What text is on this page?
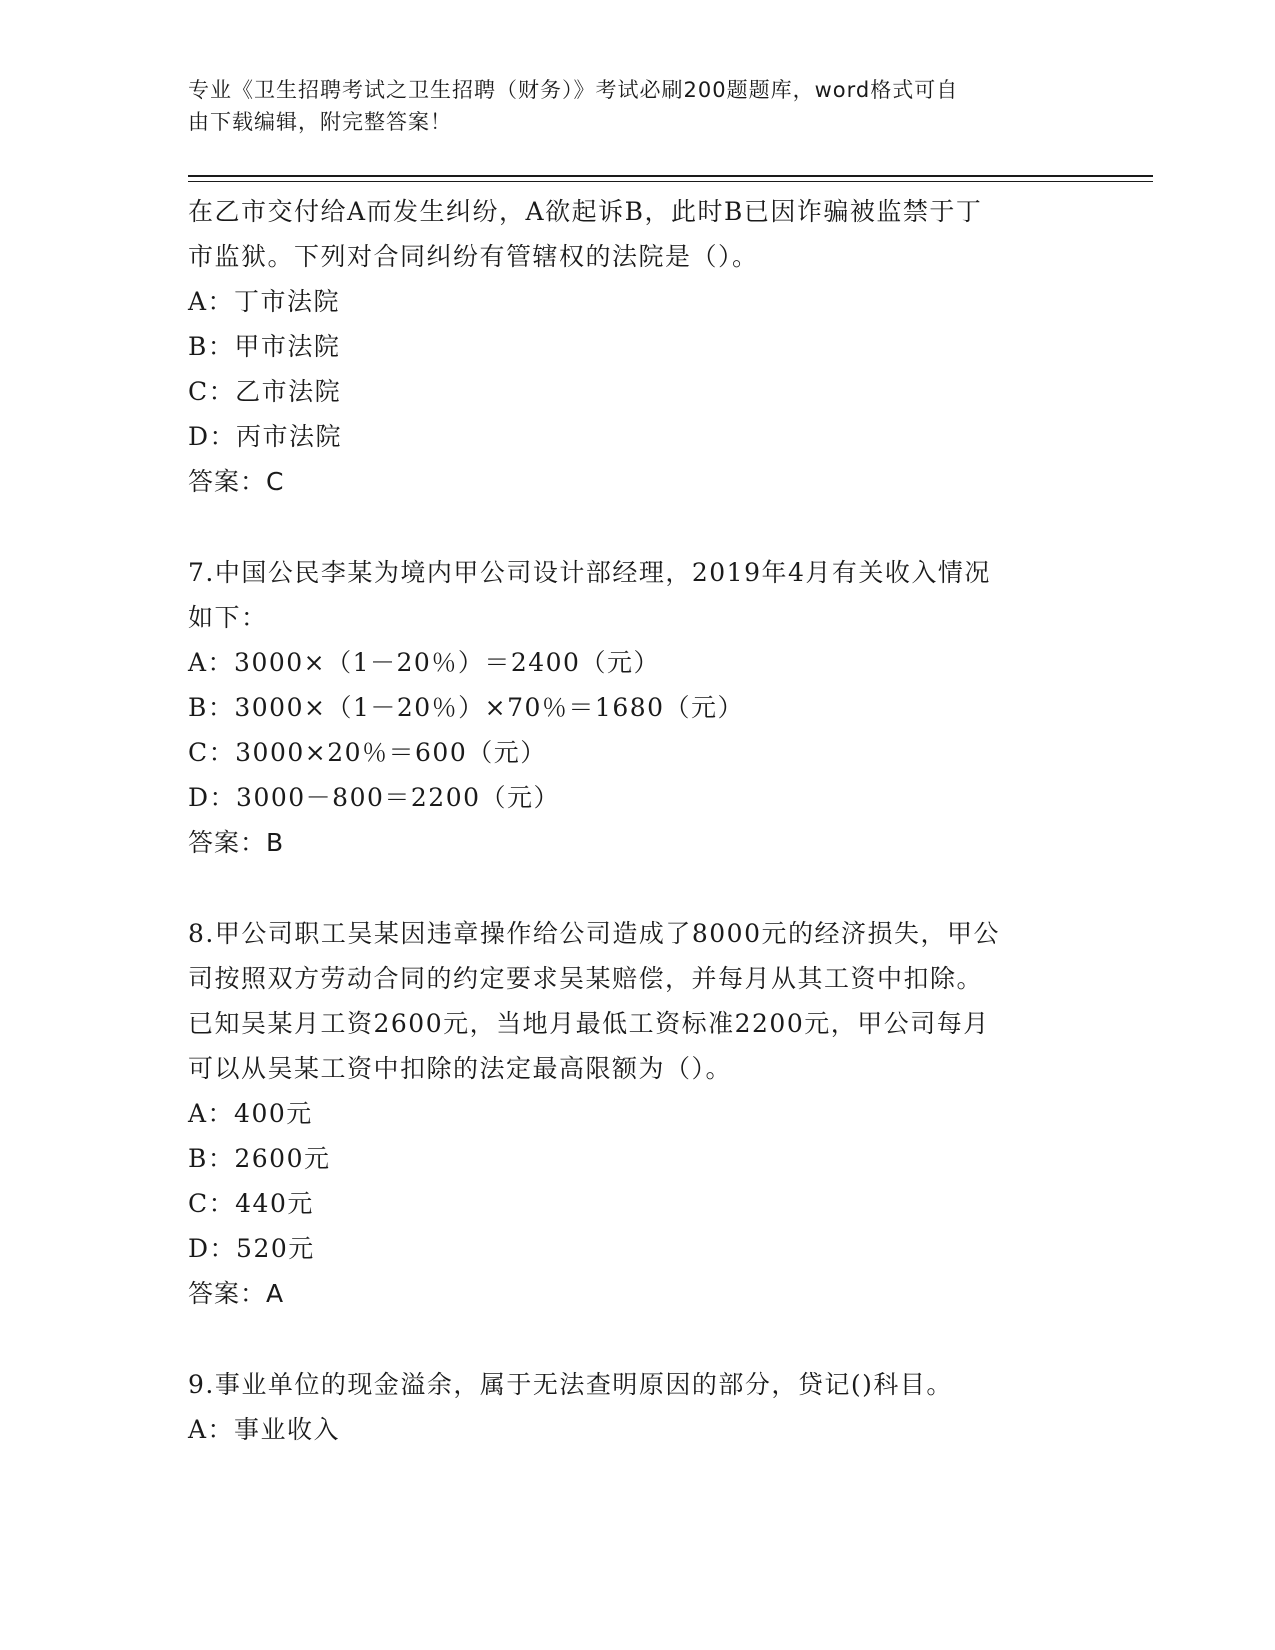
专业《卫生招聘考试之卫生招聘（财务）》考试必刷200题题库，word格式可自
由下载编辑，附完整答案！
在乙市交付给A而发生纠纷，A欲起诉B，此时B已因诈骗被监禁于丁
市监狱。下列对合同纠纷有管辖权的法院是（）。
A：丁市法院
B：甲市法院
C：乙市法院
D：丙市法院
答案：C
7.中国公民李某为境内甲公司设计部经理，2019年4月有关收入情况
如下：
A：3000×（1－20％）＝2400（元）
B：3000×（1－20％）×70％＝1680（元）
C：3000×20％＝600（元）
D：3000－800＝2200（元）
答案：B
8.甲公司职工吴某因违章操作给公司造成了8000元的经济损失，甲公
司按照双方劳动合同的约定要求吴某赔偿，并每月从其工资中扣除。
已知吴某月工资2600元，当地月最低工资标准2200元，甲公司每月
可以从吴某工资中扣除的法定最高限额为（）。
A：400元
B：2600元
C：440元
D：520元
答案：A
9.事业单位的现金溢余，属于无法查明原因的部分，贷记()科目。
A：事业收入
